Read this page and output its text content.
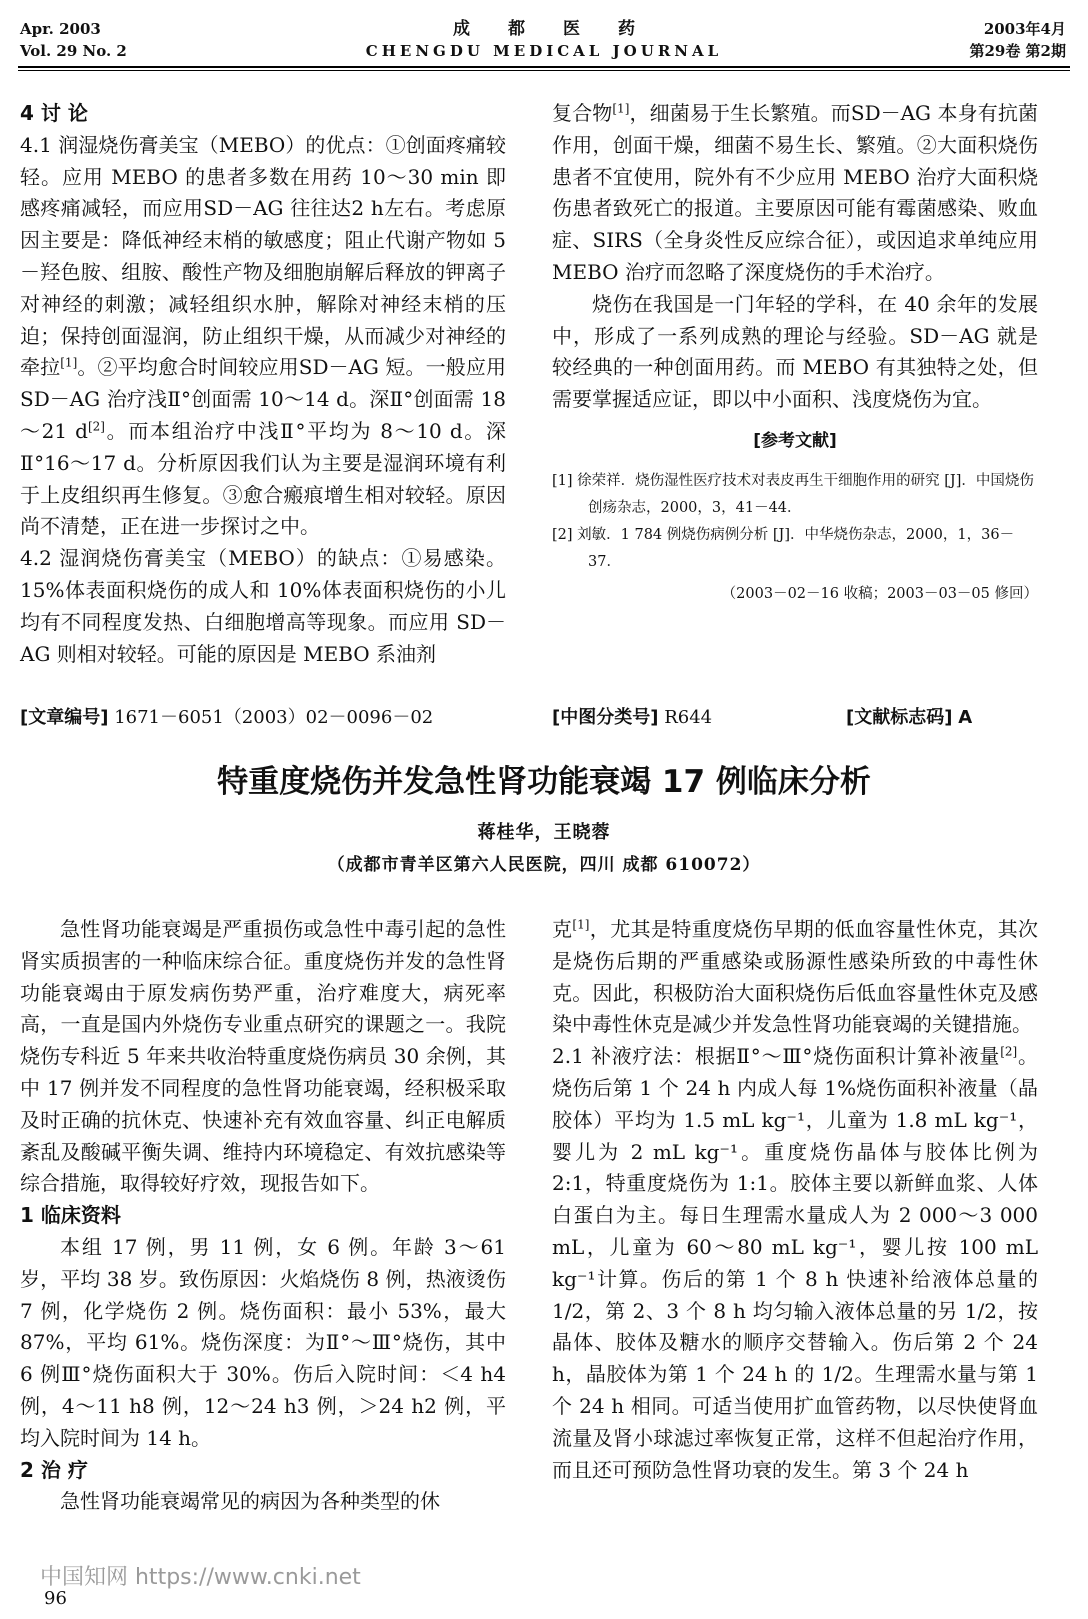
Apr. 2003
Vol. 29 No. 2
成都医药
CHENGDU MEDICAL JOURNAL
2003年4月
第29卷 第2期

4 讨 论

4.1 润湿烧伤膏美宝（MEBO）的优点：①创面疼痛较轻。应用 MEBO 的患者多数在用药 10～30 min 即感疼痛减轻，而应用SD－AG 往往达2 h左右。考虑原因主要是：降低神经末梢的敏感度；阻止代谢产物如 5－羟色胺、组胺、酸性产物及细胞崩解后释放的钾离子对神经的刺激；减轻组织水肿，解除对神经末梢的压迫；保持创面湿润，防止组织干燥，从而减少对神经的牵拉[1]。②平均愈合时间较应用SD－AG 短。一般应用 SD－AG 治疗浅Ⅱ°创面需 10～14 d。深Ⅱ°创面需 18～21 d[2]。而本组治疗中浅Ⅱ°平均为 8～10 d。深Ⅱ°16～17 d。分析原因我们认为主要是湿润环境有利于上皮组织再生修复。③愈合瘢痕增生相对较轻。原因尚不清楚，正在进一步探讨之中。

4.2 湿润烧伤膏美宝（MEBO）的缺点：①易感染。15%体表面积烧伤的成人和 10%体表面积烧伤的小儿均有不同程度发热、白细胞增高等现象。而应用 SD－AG 则相对较轻。可能的原因是 MEBO 系油剂

复合物[1]，细菌易于生长繁殖。而SD－AG 本身有抗菌作用，创面干燥，细菌不易生长、繁殖。②大面积烧伤患者不宜使用，院外有不少应用 MEBO 治疗大面积烧伤患者致死亡的报道。主要原因可能有霉菌感染、败血症、SIRS（全身炎性反应综合征），或因追求单纯应用 MEBO 治疗而忽略了深度烧伤的手术治疗。

烧伤在我国是一门年轻的学科，在 40 余年的发展中，形成了一系列成熟的理论与经验。SD－AG 就是较经典的一种创面用药。而 MEBO 有其独特之处，但需要掌握适应证，即以中小面积、浅度烧伤为宜。

[参考文献]

[1] 徐荣祥．烧伤湿性医疗技术对表皮再生干细胞作用的研究 [J]．中国烧伤创疡杂志，2000，3，41－44．

[2] 刘敏．1 784 例烧伤病例分析 [J]．中华烧伤杂志，2000，1，36－37．

（2003－02－16 收稿；2003－03－05 修回）
[文章编号] 1671－6051（2003）02－0096－02	[中图分类号] R644	[文献标志码] A
特重度烧伤并发急性肾功能衰竭 17 例临床分析
蒋桂华，王晓蓉
（成都市青羊区第六人民医院，四川 成都 610072）

急性肾功能衰竭是严重损伤或急性中毒引起的急性肾实质损害的一种临床综合征。重度烧伤并发的急性肾功能衰竭由于原发病伤势严重，治疗难度大，病死率高，一直是国内外烧伤专业重点研究的课题之一。我院烧伤专科近 5 年来共收治特重度烧伤病员 30 余例，其中 17 例并发不同程度的急性肾功能衰竭，经积极采取及时正确的抗休克、快速补充有效血容量、纠正电解质紊乱及酸碱平衡失调、维持内环境稳定、有效抗感染等综合措施，取得较好疗效，现报告如下。

1 临床资料

本组 17 例，男 11 例，女 6 例。年龄 3～61 岁，平均 38 岁。致伤原因：火焰烧伤 8 例，热液烫伤 7 例，化学烧伤 2 例。烧伤面积：最小 53%，最大 87%，平均 61%。烧伤深度：为Ⅱ°～Ⅲ°烧伤，其中 6 例Ⅲ°烧伤面积大于 30%。伤后入院时间：＜4 h4 例，4～11 h8 例，12～24 h3 例，＞24 h2 例，平均入院时间为 14 h。

2 治 疗

急性肾功能衰竭常见的病因为各种类型的休

克[1]，尤其是特重度烧伤早期的低血容量性休克，其次是烧伤后期的严重感染或肠源性感染所致的中毒性休克。因此，积极防治大面积烧伤后低血容量性休克及感染中毒性休克是减少并发急性肾功能衰竭的关键措施。

2.1 补液疗法：根据Ⅱ°～Ⅲ°烧伤面积计算补液量[2]。烧伤后第 1 个 24 h 内成人每 1%烧伤面积补液量（晶胶体）平均为 1.5 mL kg⁻¹，儿童为 1.8 mL kg⁻¹，婴儿为 2 mL kg⁻¹。重度烧伤晶体与胶体比例为 2:1，特重度烧伤为 1:1。胶体主要以新鲜血浆、人体白蛋白为主。每日生理需水量成人为 2 000～3 000 mL，儿童为 60～80 mL kg⁻¹，婴儿按 100 mL kg⁻¹计算。伤后的第 1 个 8 h 快速补给液体总量的 1/2，第 2、3 个 8 h 均匀输入液体总量的另 1/2，按晶体、胶体及糖水的顺序交替输入。伤后第 2 个 24 h，晶胶体为第 1 个 24 h 的 1/2。生理需水量与第 1 个 24 h 相同。可适当使用扩血管药物，以尽快使肾血流量及肾小球滤过率恢复正常，这样不但起治疗作用，而且还可预防急性肾功衰的发生。第 3 个 24 h

中国知网 https://www.cnki.net
96
